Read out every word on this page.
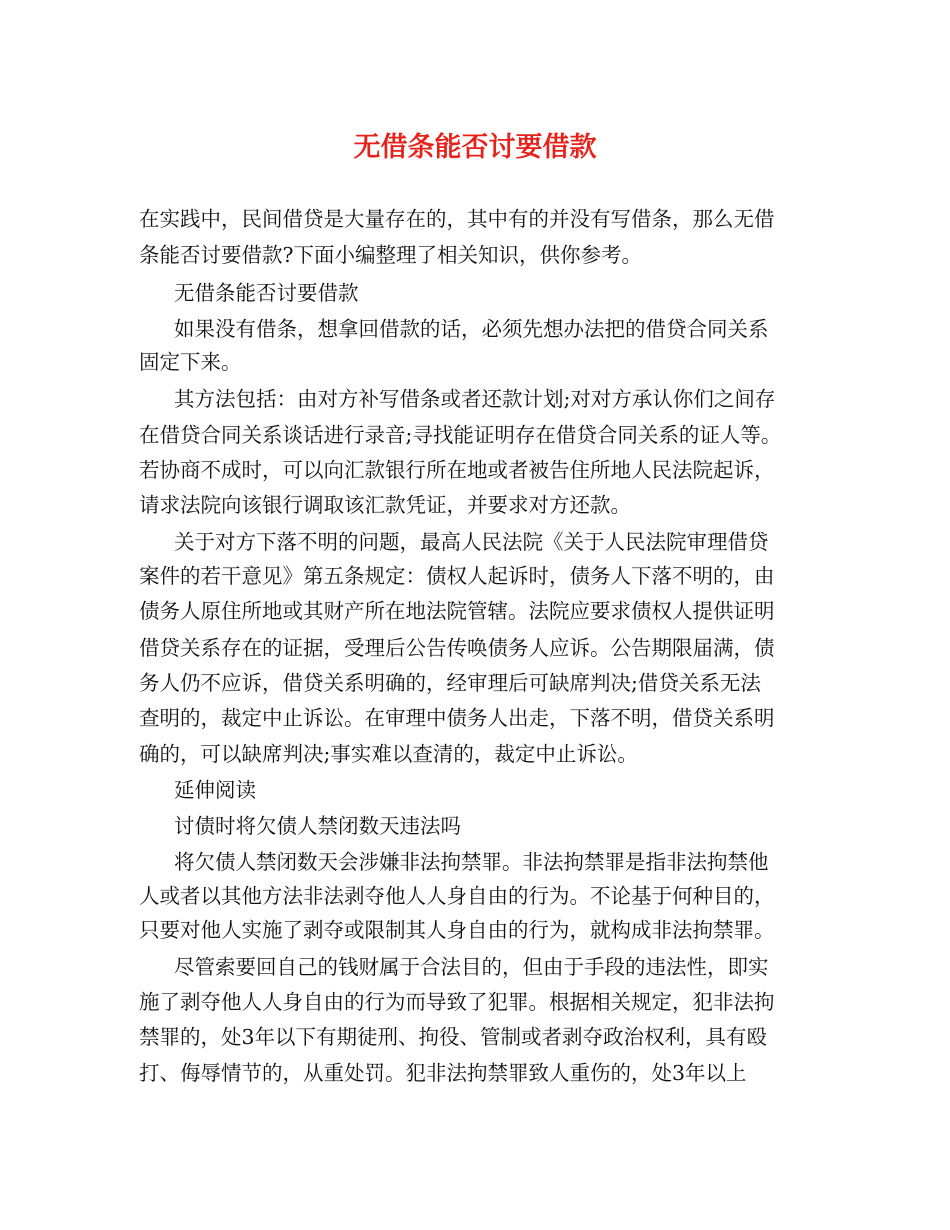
无借条能否讨要借款
在实践中，民间借贷是大量存在的，其中有的并没有写借条，那么无借
条能否讨要借款?下面小编整理了相关知识，供你参考。
无借条能否讨要借款
如果没有借条，想拿回借款的话，必须先想办法把的借贷合同关系
固定下来。
其方法包括：由对方补写借条或者还款计划;对对方承认你们之间存
在借贷合同关系谈话进行录音;寻找能证明存在借贷合同关系的证人等。
若协商不成时，可以向汇款银行所在地或者被告住所地人民法院起诉，
请求法院向该银行调取该汇款凭证，并要求对方还款。
关于对方下落不明的问题，最高人民法院《关于人民法院审理借贷
案件的若干意见》第五条规定：债权人起诉时，债务人下落不明的，由
债务人原住所地或其财产所在地法院管辖。法院应要求债权人提供证明
借贷关系存在的证据，受理后公告传唤债务人应诉。公告期限届满，债
务人仍不应诉，借贷关系明确的，经审理后可缺席判决;借贷关系无法
查明的，裁定中止诉讼。在审理中债务人出走，下落不明，借贷关系明
确的，可以缺席判决;事实难以查清的，裁定中止诉讼。
延伸阅读
讨债时将欠债人禁闭数天违法吗
将欠债人禁闭数天会涉嫌非法拘禁罪。非法拘禁罪是指非法拘禁他
人或者以其他方法非法剥夺他人人身自由的行为。不论基于何种目的，
只要对他人实施了剥夺或限制其人身自由的行为，就构成非法拘禁罪。
尽管索要回自己的钱财属于合法目的，但由于手段的违法性，即实
施了剥夺他人人身自由的行为而导致了犯罪。根据相关规定，犯非法拘
禁罪的，处3年以下有期徒刑、拘役、管制或者剥夺政治权利，具有殴
打、侮辱情节的，从重处罚。犯非法拘禁罪致人重伤的，处3年以上
